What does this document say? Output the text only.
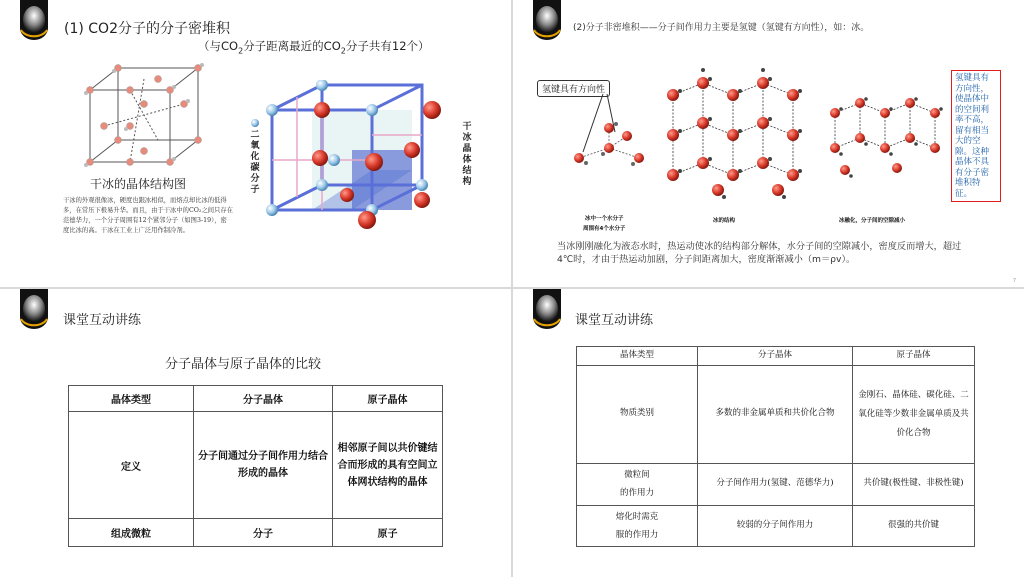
(1) CO2分子的分子密堆积
（与$CO_2$分子距离最近的$CO_2$分子共有12个）
干冰的晶体结构图
干冰的外观很像冰，硬度也跟冰相似，而熔点却比冰的低得多，在常压下极易升华。而且，由于干冰中的CO₂之间只存在范德华力，一个分子周围有12个紧邻分子（如图3-19），密度比冰的高。干冰在工业上广泛用作制冷剂。
二氧化碳分子
干冰晶体结构
(2)分子非密堆积——分子间作用力主要是氢键（氢键有方向性），如：冰。
氢键具有方向性
氢键具有方向性，使晶体中的空间利率不高，留有相当大的空隙。这种晶体不具有分子密堆积特征。
冰中一个水分子
周围有4个水分子
冰的结构	冰融化，分子间的空隙减小
当冰刚刚融化为液态水时，热运动使冰的结构部分解体，水分子间的空隙减小，密度反而增大，超过4℃时，才由于热运动加剧，分子间距离加大，密度渐渐减小（m＝ρv）。
7
课堂互动讲练
分子晶体与原子晶体的比较
晶体类型	分子晶体	原子晶体
定义	分子间通过分子间作用力结合形成的晶体	相邻原子间以共价键结合而形成的具有空间立体网状结构的晶体
组成微粒	分子	原子
课堂互动讲练
晶体类型	分子晶体	原子晶体
物质类别	多数的非金属单质和共价化合物	金刚石、晶体硅、碳化硅、二氧化硅等少数非金属单质及共价化合物
微粒间
的作用力	分子间作用力(氢键、范德华力)	共价键(极性键、非极性键)
熔化时需克
服的作用力	较弱的分子间作用力	很强的共价键
